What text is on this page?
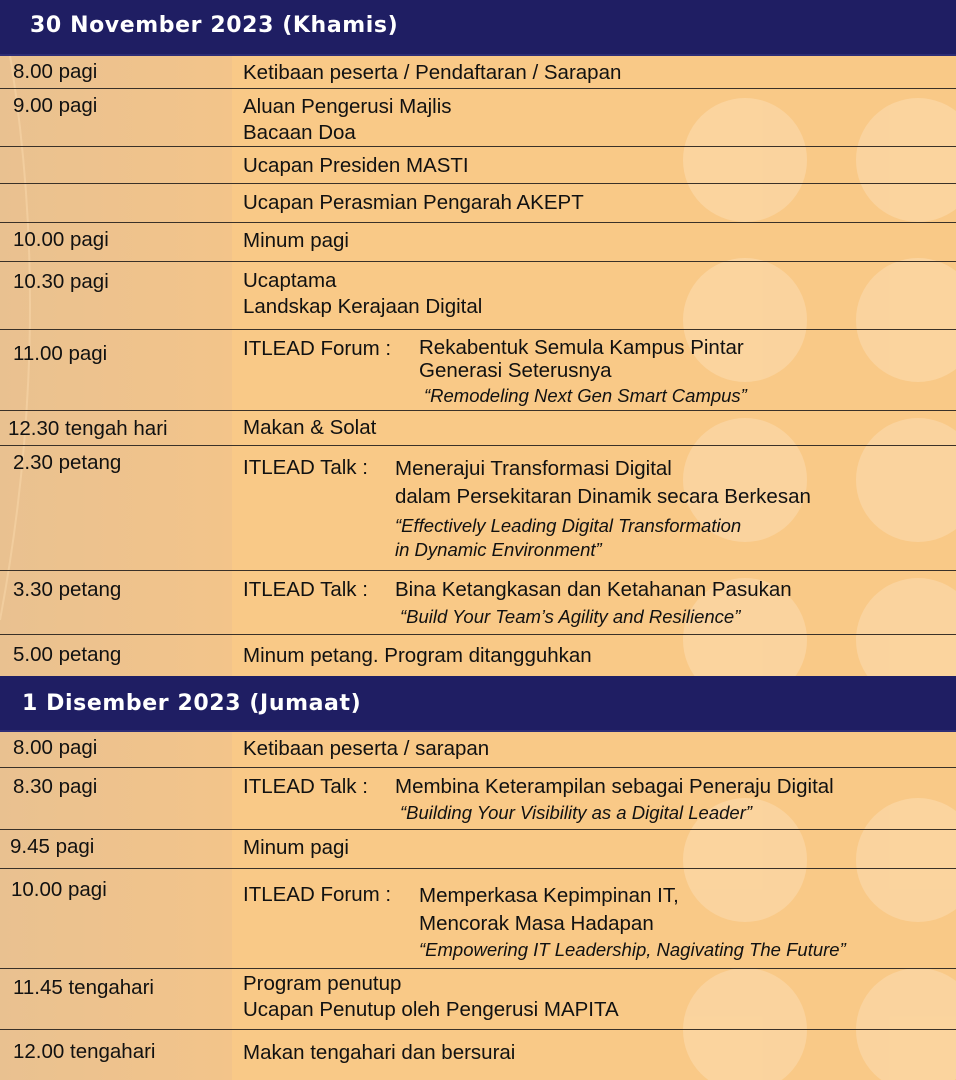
30 November 2023 (Khamis)
8.00 pagi	Ketibaan peserta / Pendaftaran / Sarapan
9.00 pagi	Aluan Pengerusi Majlis
Bacaan Doa
Ucapan Presiden MASTI
Ucapan Perasmian Pengarah AKEPT
10.00 pagi	Minum pagi
10.30 pagi	Ucaptama
Landskap Kerajaan Digital
11.00 pagi	ITLEAD Forum : Rekabentuk Semula Kampus Pintar
Generasi Seterusnya
“Remodeling Next Gen Smart Campus”
12.30 tengah hari	Makan & Solat
2.30 petang	ITLEAD Talk : Menerajui Transformasi Digital
dalam Persekitaran Dinamik secara Berkesan
“Effectively Leading Digital Transformation
in Dynamic Environment”
3.30 petang	ITLEAD Talk : Bina Ketangkasan dan Ketahanan Pasukan
“Build Your Team’s Agility and Resilience”
5.00 petang	Minum petang. Program ditangguhkan
1 Disember 2023 (Jumaat)
8.00 pagi	Ketibaan peserta / sarapan
8.30 pagi	ITLEAD Talk : Membina Keterampilan sebagai Peneraju Digital
“Building Your Visibility as a Digital Leader”
9.45 pagi	Minum pagi
10.00 pagi	ITLEAD Forum : Memperkasa Kepimpinan IT,
Mencorak Masa Hadapan
“Empowering IT Leadership, Nagivating The Future”
11.45 tengahari	Program penutup
Ucapan Penutup oleh Pengerusi MAPITA
12.00 tengahari	Makan tengahari dan bersurai
